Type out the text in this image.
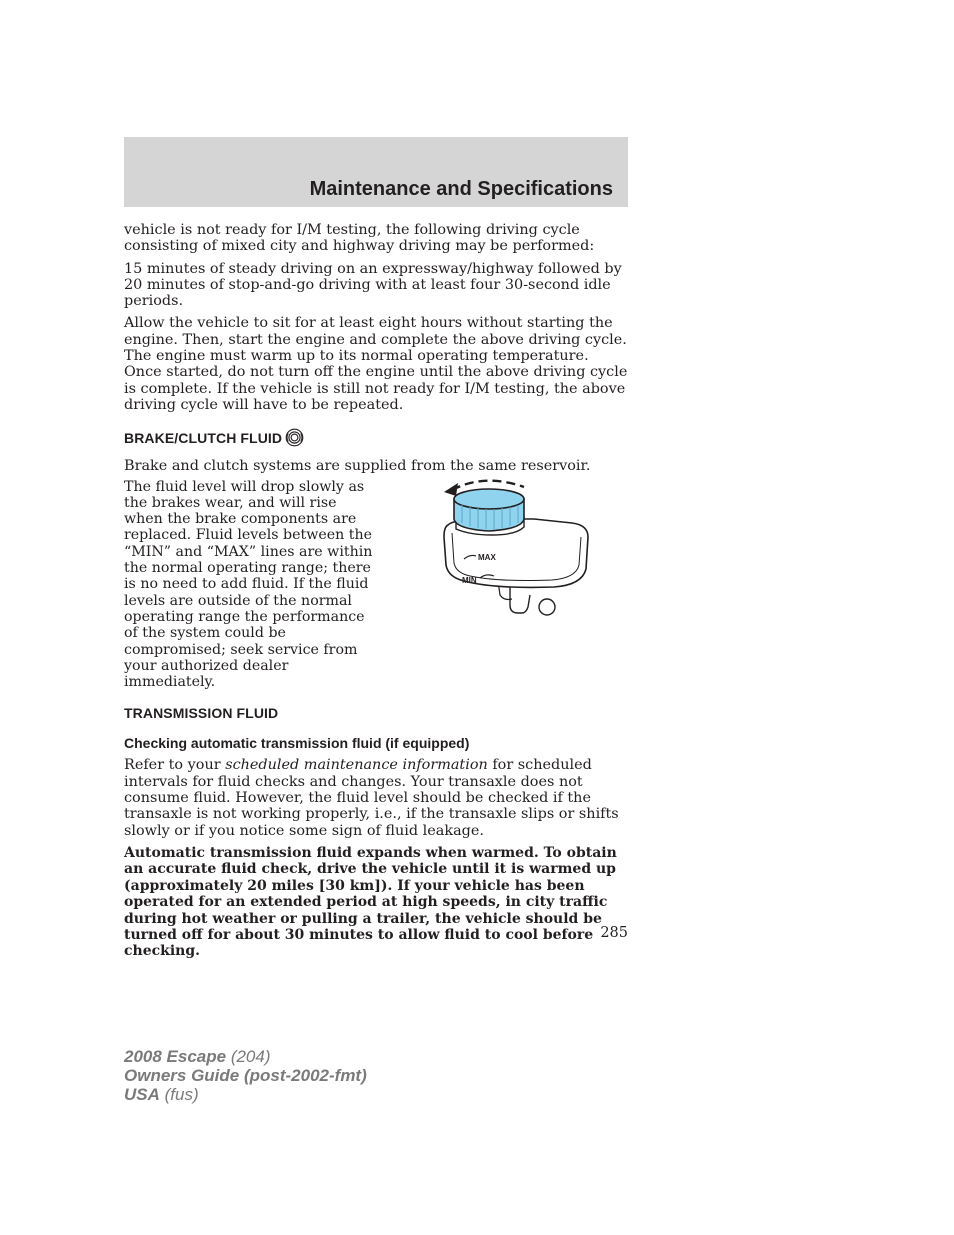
Maintenance and Specifications

vehicle is not ready for I/M testing, the following driving cycle consisting of mixed city and highway driving may be performed:

15 minutes of steady driving on an expressway/highway followed by 20 minutes of stop-and-go driving with at least four 30-second idle periods.

Allow the vehicle to sit for at least eight hours without starting the engine. Then, start the engine and complete the above driving cycle. The engine must warm up to its normal operating temperature. Once started, do not turn off the engine until the above driving cycle is complete. If the vehicle is still not ready for I/M testing, the above driving cycle will have to be repeated.

BRAKE/CLUTCH FLUID

Brake and clutch systems are supplied from the same reservoir.

The fluid level will drop slowly as the brakes wear, and will rise when the brake components are replaced. Fluid levels between the “MIN” and “MAX” lines are within the normal operating range; there is no need to add fluid. If the fluid levels are outside of the normal operating range the performance of the system could be compromised; seek service from your authorized dealer immediately.

MAX
MIN
TRANSMISSION FLUID
Checking automatic transmission fluid (if equipped)

Refer to your scheduled maintenance information for scheduled intervals for fluid checks and changes. Your transaxle does not consume fluid. However, the fluid level should be checked if the transaxle is not working properly, i.e., if the transaxle slips or shifts slowly or if you notice some sign of fluid leakage.

Automatic transmission fluid expands when warmed. To obtain an accurate fluid check, drive the vehicle until it is warmed up (approximately 20 miles [30 km]). If your vehicle has been operated for an extended period at high speeds, in city traffic during hot weather or pulling a trailer, the vehicle should be turned off for about 30 minutes to allow fluid to cool before checking.

285
2008 Escape (204)
Owners Guide (post-2002-fmt)
USA (fus)
